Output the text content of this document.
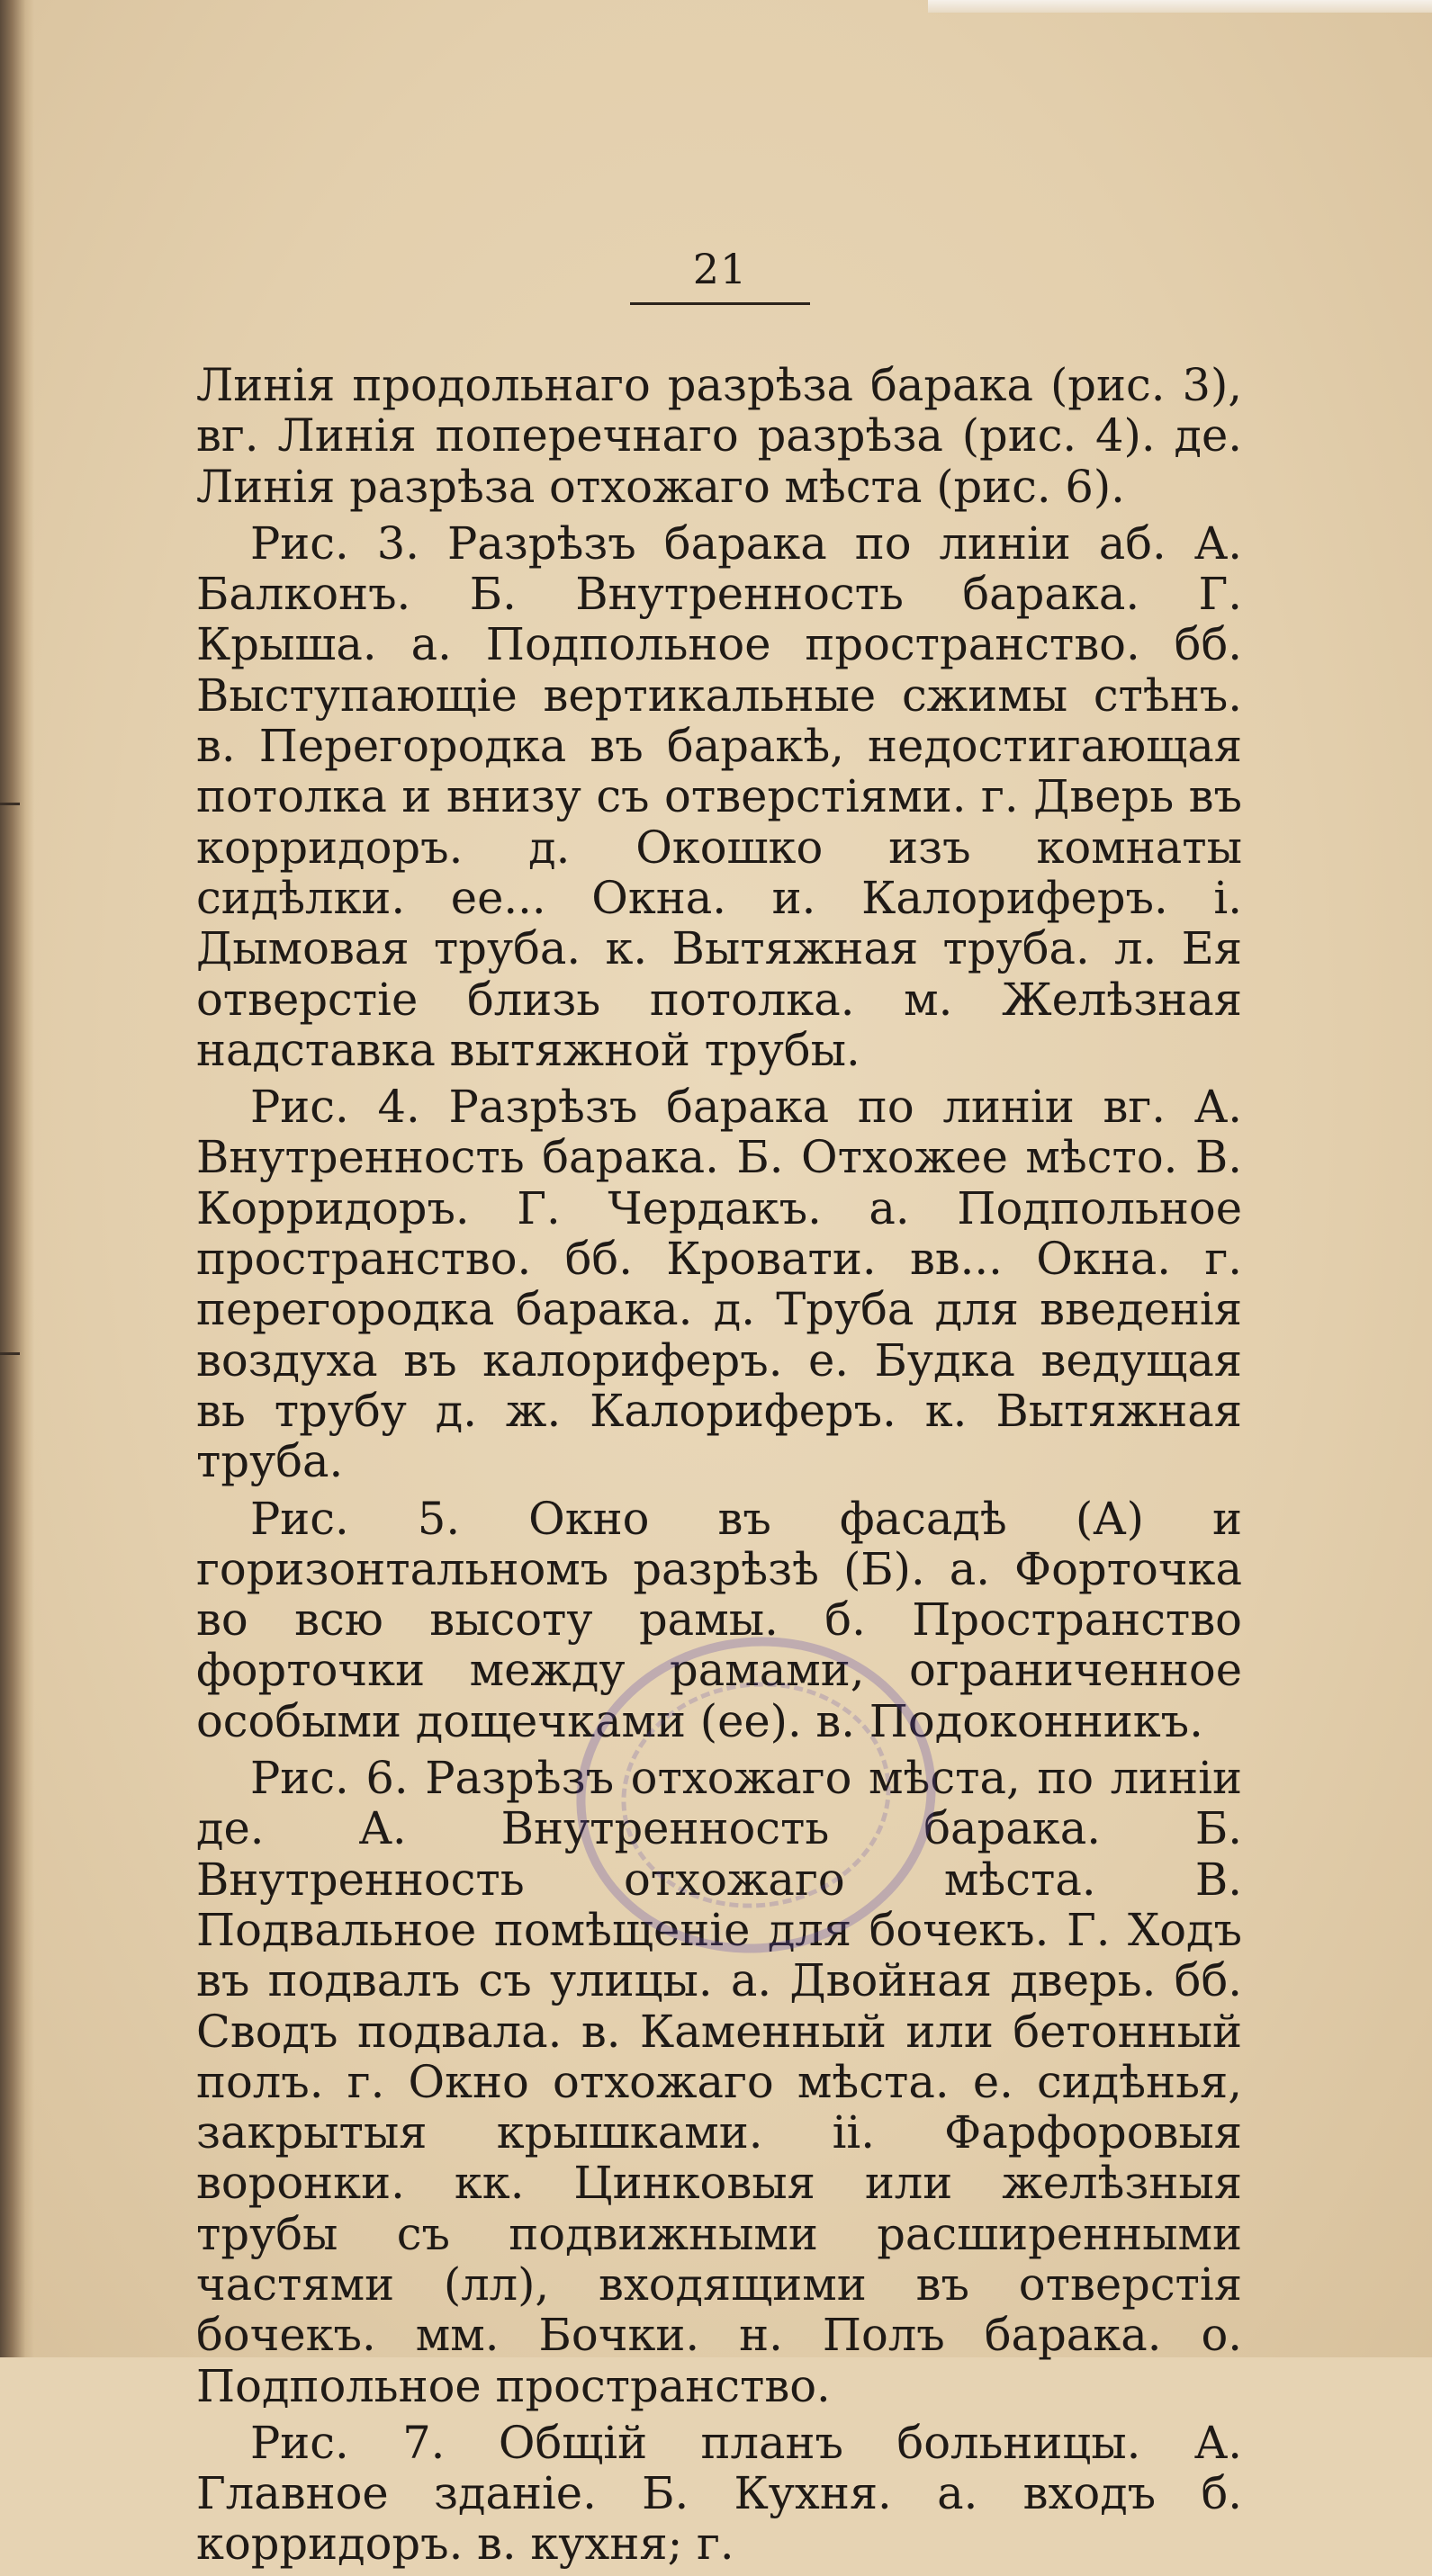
21

Линія продольнаго разрѣза барака (рис. 3), вг. Линія поперечнаго разрѣза (рис. 4). де. Линія разрѣза отхожаго мѣста (рис. 6).

Рис. 3. Разрѣзъ барака по линіи аб. А. Балконъ. Б. Внутренность барака. Г. Крыша. а. Подпольное пространство. бб. Выступающіе вертикальные сжимы стѣнъ. в. Перегородка въ баракѣ, недостигающая потолка и внизу съ отверстіями. г. Дверь въ корридоръ. д. Окошко изъ комнаты сидѣлки. ее... Окна. и. Калориферъ. і. Дымовая труба. к. Вытяжная труба. л. Ея отверстіе близь потолка. м. Желѣзная надставка вытяжной трубы.

Рис. 4. Разрѣзъ барака по линіи вг. А. Внутренность барака. Б. Отхожее мѣсто. В. Корридоръ. Г. Чердакъ. а. Подпольное пространство. бб. Кровати. вв... Окна. г. перегородка барака. д. Труба для введенія воздуха въ калориферъ. е. Будка ведущая вь трубу д. ж. Калориферъ. к. Вытяжная труба.

Рис. 5. Окно въ фасадѣ (А) и горизонтальномъ разрѣзѣ (Б). а. Форточка во всю высоту рамы. б. Пространство форточки между рамами, ограниченное особыми дощечками (ее). в. Подоконникъ.

Рис. 6. Разрѣзъ отхожаго мѣста, по линіи де. А. Внутренность барака. Б. Внутренность отхожаго мѣста. В. Подвальное помѣщеніе для бочекъ. Г. Ходъ въ подвалъ съ улицы. а. Двойная дверь. бб. Сводъ подвала. в. Каменный или бетонный полъ. г. Окно отхожаго мѣста. е. сидѣнья, закрытыя крышками. ii. Фарфоровыя воронки. кк. Цинковыя или желѣзныя трубы съ подвижными расширенными частями (лл), входящими въ отверстія бочекъ. мм. Бочки. н. Полъ барака. о. Подпольное пространство.

Рис. 7. Общій планъ больницы. А. Главное зданіе. Б. Кухня. а. входъ б. корридоръ. в. кухня; г.
